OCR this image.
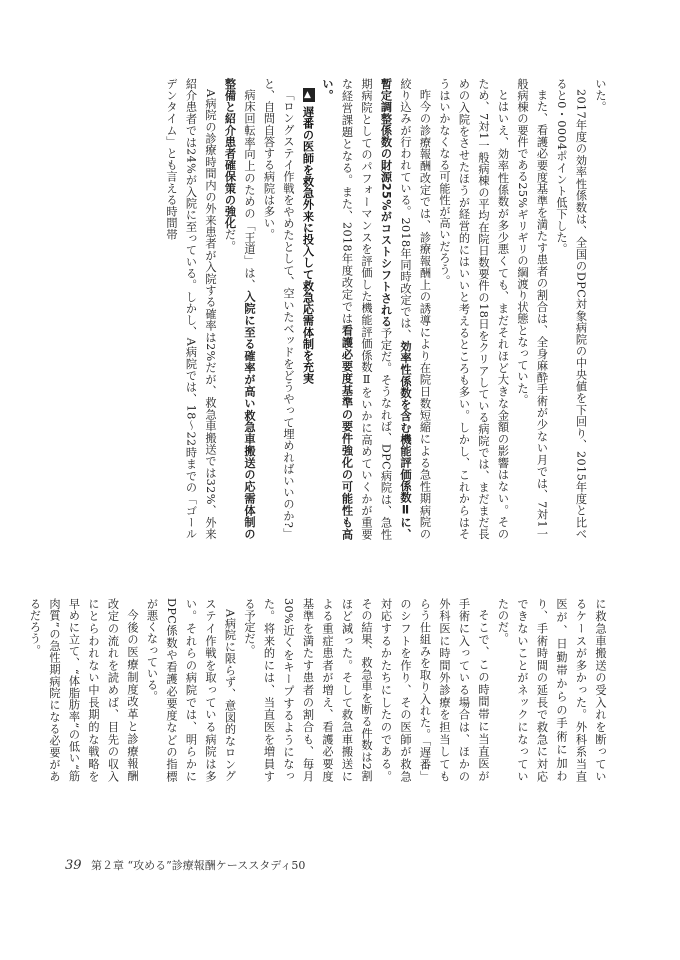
いた。

2017年度の効率性係数は、全国のDPC対象病院の中央値を下回り、2015年度と比べると0・0004ポイント低下した。

また、看護必要度基準を満たす患者の割合は、全身麻酔手術が少ない月では、7対1一般病棟の要件である25%ギリギリの綱渡り状態となっていた。

とはいえ、効率性係数が多少悪くても、まだそれほど大きな金額の影響はない。そのため、7対1一般病棟の平均在院日数要件の18日をクリアしている病院では、まだまだ長めの入院をさせたほうが経営的にはいいと考えるところも多い。しかし、これからはそうはいかなくなる可能性が高いだろう。

昨今の診療報酬改定では、診療報酬上の誘導により在院日数短縮による急性期病院の絞り込みが行われている。2018年同時改定では、効率性係数を含む機能評価係数Ⅱに、暫定調整係数の財源25%がコストシフトされる予定だ。そうなれば、DPC病院は、急性期病院としてのパフォーマンスを評価した機能評価係数Ⅱをいかに高めていくかが重要な経営課題となる。また、2018年度改定では看護必要度基準の要件強化の可能性も高い。

▲遅番の医師を救急外来に投入して救急応需体制を充実

「ロングステイ作戦をやめたとして、空いたベッドをどうやって埋めればいいのか?」と、自問自答する病院は多い。

病床回転率向上のための「王道」は、入院に至る確率が高い救急車搬送の応需体制の整備と紹介患者確保策の強化だ。

A病院の診療時間内の外来患者が入院する確率は2%だが、救急車搬送では32%、外来紹介患者では24%が入院に至っている。しかし、A病院では、18～22時までの「ゴールデンタイム」とも言える時間帯

に救急車搬送の受入れを断っているケースが多かった。外科系当直医が、日勤帯からの手術に加わり、手術時間の延長で救急に対応できないことがネックになっていたのだ。

そこで、この時間帯に当直医が手術に入っている場合は、ほかの外科医に時間外診療を担当してもらう仕組みを取り入れた。「遅番」のシフトを作り、その医師が救急対応するかたちにしたのである。その結果、救急車を断る件数は2割ほど減った。そして救急車搬送による重症患者が増え、看護必要度基準を満たす患者の割合も、毎月30%近くをキープするようになった。将来的には、当直医を増員する予定だ。

A病院に限らず、意図的なロングステイ作戦を取っている病院は多い。それらの病院では、明らかにDPC係数や看護必要度などの指標が悪くなっている。

今後の医療制度改革と診療報酬改定の流れを読めば、目先の収入にとらわれない中長期的な戦略を早めに立て、“体脂肪率”の低い“筋肉質”の急性期病院になる必要があるだろう。

39 第２章 “攻める”診療報酬ケーススタディ50
